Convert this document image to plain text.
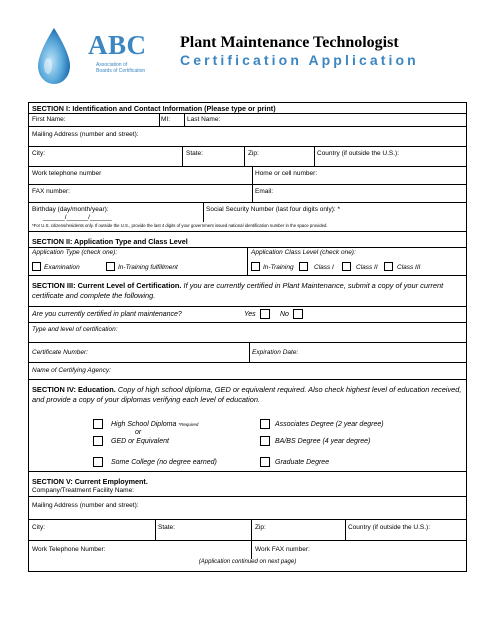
ABC
Association of
Boards of Certification
Plant Maintenance Technologist
Certification Application
SECTION I: Identification and Contact Information (Please type or print)
First Name:	MI:	Last Name:
Mailing Address (number and street):
City:	State:	Zip:	Country (if outside the U.S.):
Work telephone number	Home or cell number:
FAX number:	Email:
Birthday (day/month/year):
______/______/______
Social Security Number (last four digits only): *
*For U.S. citizens/residents only. If outside the U.S., provide the last 4 digits of your government issued national identification number in the space provided.
SECTION II: Application Type and Class Level
Application Type (check one):	Application Class Level (check one):
Examination	In-Training fulfillment	In-Training	Class I	Class II	Class III
SECTION III: Current Level of Certification. If you are currently certified in Plant Maintenance, submit a copy of your current certificate and complete the following.
Are you currently certified in plant maintenance?	Yes	No
Type and level of certification:
Certificate Number:	Expiration Date:
Name of Certifying Agency:
SECTION IV: Education. Copy of high school diploma, GED or equivalent required. Also check highest level of education received, and provide a copy of your diplomas verifying each level of education.
High School Diploma *Required
or
GED or Equivalent
Some College (no degree earned)
Associates Degree (2 year degree)
BA/BS Degree (4 year degree)
Graduate Degree
SECTION V: Current Employment.
Company/Treatment Facility Name:
Mailing Address (number and street):
City:	State:	Zip:	Country (if outside the U.S.):
Work Telephone Number:	Work FAX number:
(Application continued on next page)
